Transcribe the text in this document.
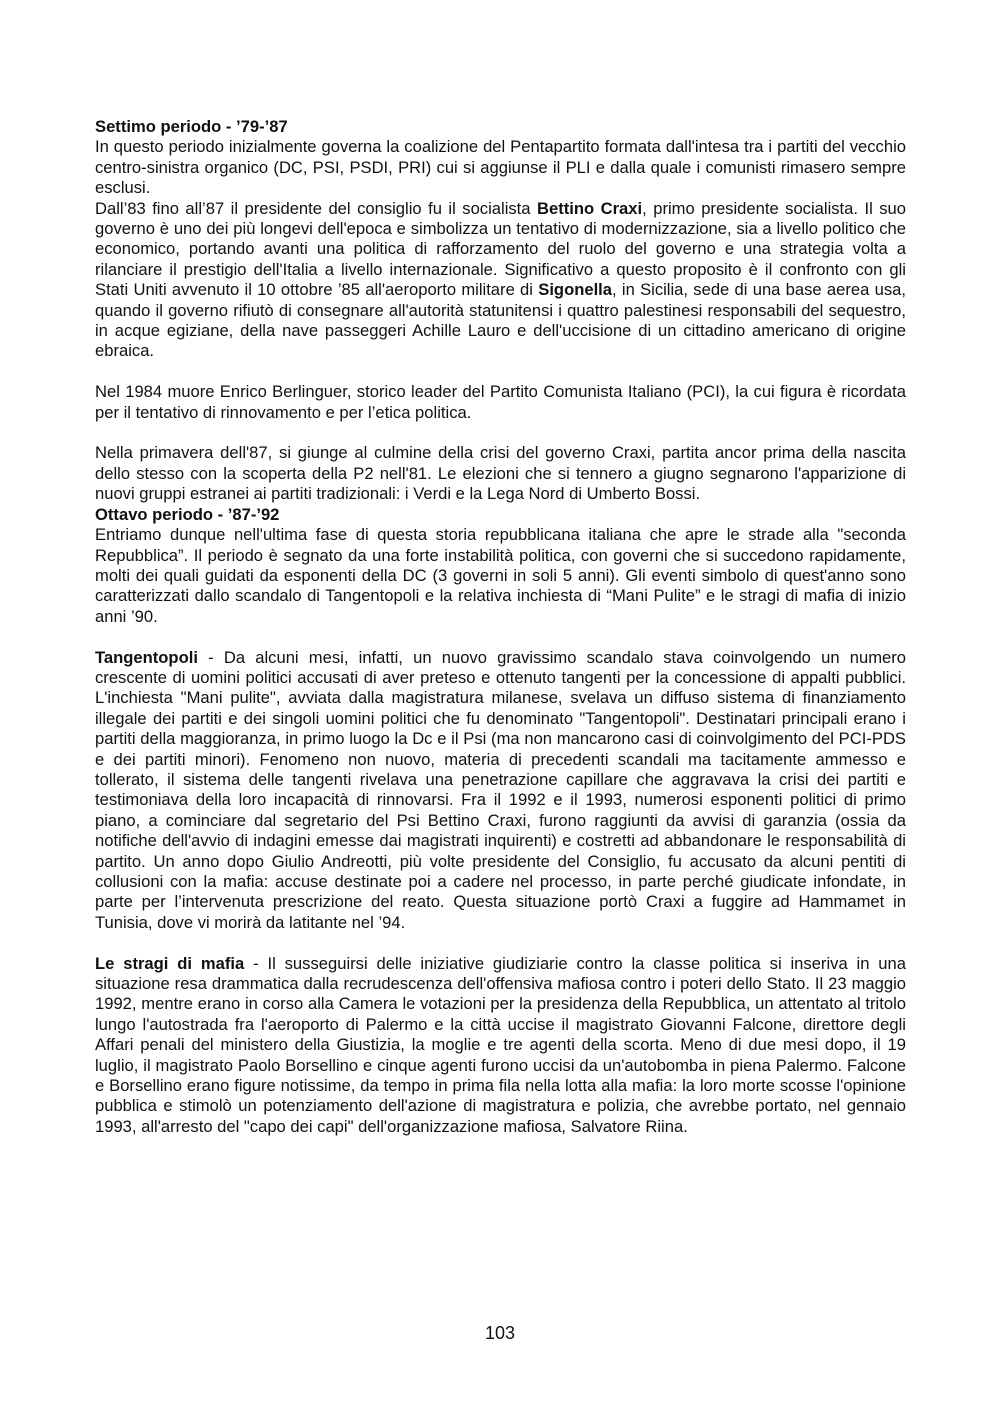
Settimo periodo - ’79-’87

In questo periodo inizialmente governa la coalizione del Pentapartito formata dall'intesa tra i partiti del vecchio centro-sinistra organico (DC, PSI, PSDI, PRI) cui si aggiunse il PLI e dalla quale i comunisti rimasero sempre esclusi.

Dall’83 fino all’87 il presidente del consiglio fu il socialista Bettino Craxi, primo presidente socialista. Il suo governo è uno dei più longevi dell'epoca e simbolizza un tentativo di modernizzazione, sia a livello politico che economico, portando avanti una politica di rafforzamento del ruolo del governo e una strategia volta a rilanciare il prestigio dell'Italia a livello internazionale. Significativo a questo proposito è il confronto con gli Stati Uniti avvenuto il 10 ottobre ’85 all'aeroporto militare di Sigonella, in Sicilia, sede di una base aerea usa, quando il governo rifiutò di consegnare all'autorità statunitensi i quattro palestinesi responsabili del sequestro, in acque egiziane, della nave passeggeri Achille Lauro e dell'uccisione di un cittadino americano di origine ebraica.

Nel 1984 muore Enrico Berlinguer, storico leader del Partito Comunista Italiano (PCI), la cui figura è ricordata per il tentativo di rinnovamento e per l’etica politica.

Nella primavera dell'87, si giunge al culmine della crisi del governo Craxi, partita ancor prima della nascita dello stesso con la scoperta della P2 nell'81. Le elezioni che si tennero a giugno segnarono l'apparizione di nuovi gruppi estranei ai partiti tradizionali: i Verdi e la Lega Nord di Umberto Bossi.

Ottavo periodo - ’87-’92

Entriamo dunque nell'ultima fase di questa storia repubblicana italiana che apre le strade alla "seconda Repubblica”. Il periodo è segnato da una forte instabilità politica, con governi che si succedono rapidamente, molti dei quali guidati da esponenti della DC (3 governi in soli 5 anni). Gli eventi simbolo di quest'anno sono caratterizzati dallo scandalo di Tangentopoli e la relativa inchiesta di “Mani Pulite” e le stragi di mafia di inizio anni ’90.

Tangentopoli - Da alcuni mesi, infatti, un nuovo gravissimo scandalo stava coinvolgendo un numero crescente di uomini politici accusati di aver preteso e ottenuto tangenti per la concessione di appalti pubblici. L'inchiesta "Mani pulite", avviata dalla magistratura milanese, svelava un diffuso sistema di finanziamento illegale dei partiti e dei singoli uomini politici che fu denominato "Tangentopoli". Destinatari principali erano i partiti della maggioranza, in primo luogo la Dc e il Psi (ma non mancarono casi di coinvolgimento del PCI-PDS e dei partiti minori). Fenomeno non nuovo, materia di precedenti scandali ma tacitamente ammesso e tollerato, il sistema delle tangenti rivelava una penetrazione capillare che aggravava la crisi dei partiti e testimoniava della loro incapacità di rinnovarsi. Fra il 1992 e il 1993, numerosi esponenti politici di primo piano, a cominciare dal segretario del Psi Bettino Craxi, furono raggiunti da avvisi di garanzia (ossia da notifiche dell'avvio di indagini emesse dai magistrati inquirenti) e costretti ad abbandonare le responsabilità di partito. Un anno dopo Giulio Andreotti, più volte presidente del Consiglio, fu accusato da alcuni pentiti di collusioni con la mafia: accuse destinate poi a cadere nel processo, in parte perché giudicate infondate, in parte per l’intervenuta prescrizione del reato. Questa situazione portò Craxi a fuggire ad Hammamet in Tunisia, dove vi morirà da latitante nel ’94.

Le stragi di mafia - Il susseguirsi delle iniziative giudiziarie contro la classe politica si inseriva in una situazione resa drammatica dalla recrudescenza dell'offensiva mafiosa contro i poteri dello Stato. Il 23 maggio 1992, mentre erano in corso alla Camera le votazioni per la presidenza della Repubblica, un attentato al tritolo lungo l'autostrada fra l'aeroporto di Palermo e la città uccise il magistrato Giovanni Falcone, direttore degli Affari penali del ministero della Giustizia, la moglie e tre agenti della scorta. Meno di due mesi dopo, il 19 luglio, il magistrato Paolo Borsellino e cinque agenti furono uccisi da un'autobomba in piena Palermo. Falcone e Borsellino erano figure notissime, da tempo in prima fila nella lotta alla mafia: la loro morte scosse l'opinione pubblica e stimolò un potenziamento dell'azione di magistratura e polizia, che avrebbe portato, nel gennaio 1993, all'arresto del "capo dei capi" dell'organizzazione mafiosa, Salvatore Riina.

103
